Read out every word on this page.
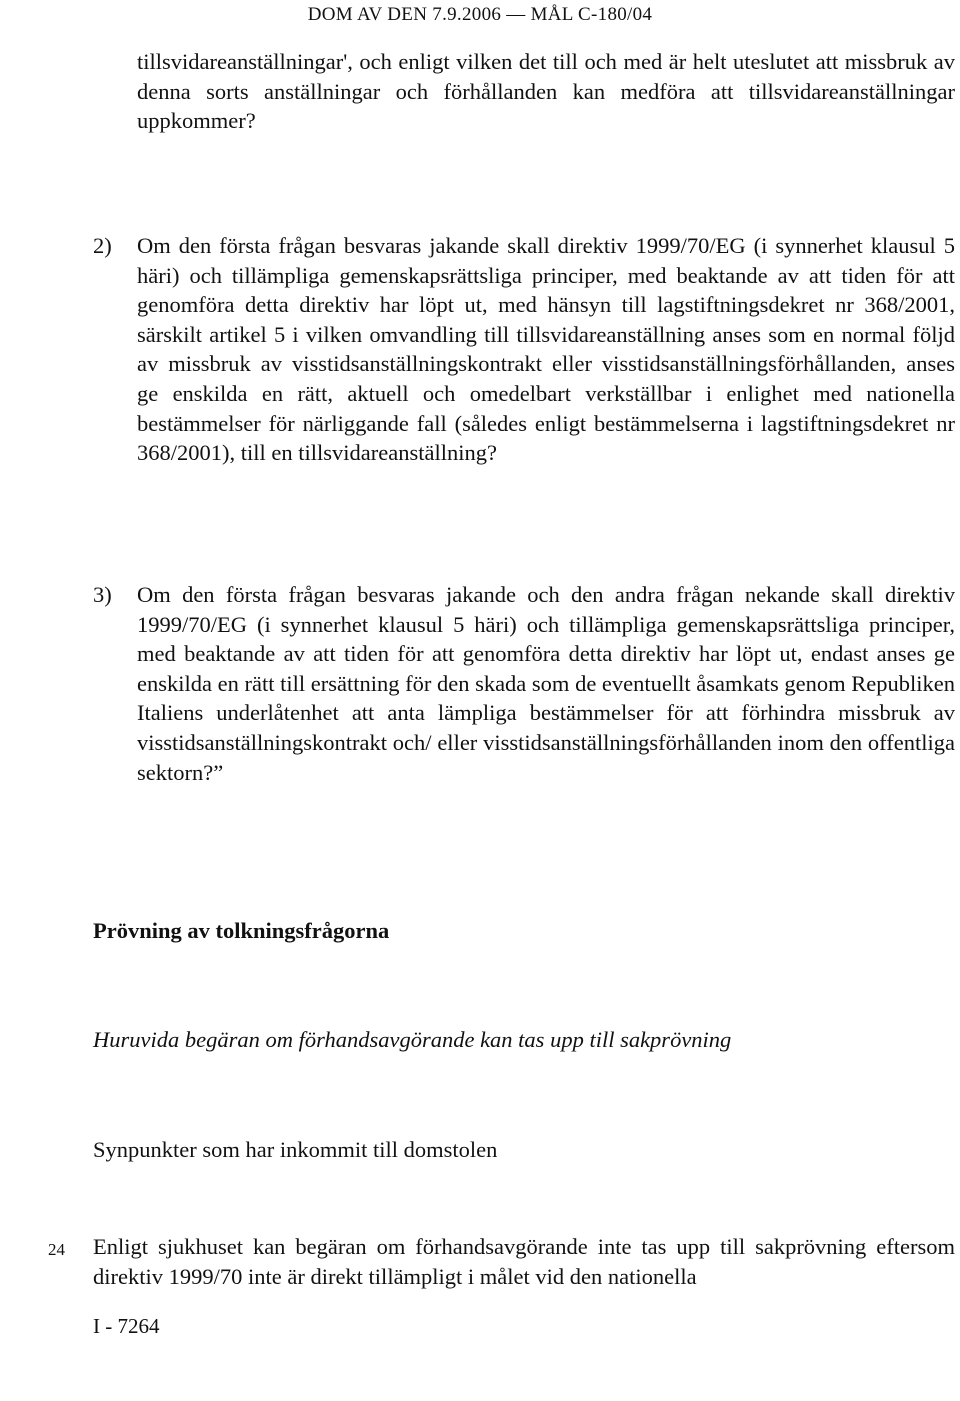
DOM AV DEN 7.9.2006 — MÅL C-180/04
tillsvidareanställningar', och enligt vilken det till och med är helt uteslutet att missbruk av denna sorts anställningar och förhållanden kan medföra att tillsvidareanställningar uppkommer?
2) Om den första frågan besvaras jakande skall direktiv 1999/70/EG (i synnerhet klausul 5 häri) och tillämpliga gemenskapsrättsliga principer, med beaktande av att tiden för att genomföra detta direktiv har löpt ut, med hänsyn till lagstiftningsdekret nr 368/2001, särskilt artikel 5 i vilken omvandling till tillsvidareanställning anses som en normal följd av missbruk av visstidsanställningskontrakt eller visstidsanställningsförhållanden, anses ge enskilda en rätt, aktuell och omedelbart verkställbar i enlighet med nationella bestämmelser för närliggande fall (således enligt bestämmelserna i lagstiftningsdekret nr 368/2001), till en tillsvidareanställning?
3) Om den första frågan besvaras jakande och den andra frågan nekande skall direktiv 1999/70/EG (i synnerhet klausul 5 häri) och tillämpliga gemenskapsrättsliga principer, med beaktande av att tiden för att genomföra detta direktiv har löpt ut, endast anses ge enskilda en rätt till ersättning för den skada som de eventuellt åsamkats genom Republiken Italiens underlåtenhet att anta lämpliga bestämmelser för att förhindra missbruk av visstidsanställningskontrakt och/ eller visstidsanställningsförhållanden inom den offentliga sektorn?”
Prövning av tolkningsfrågorna
Huruvida begäran om förhandsavgörande kan tas upp till sakprövning
Synpunkter som har inkommit till domstolen
24 Enligt sjukhuset kan begäran om förhandsavgörande inte tas upp till sakprövning eftersom direktiv 1999/70 inte är direkt tillämpligt i målet vid den nationella
I - 7264
